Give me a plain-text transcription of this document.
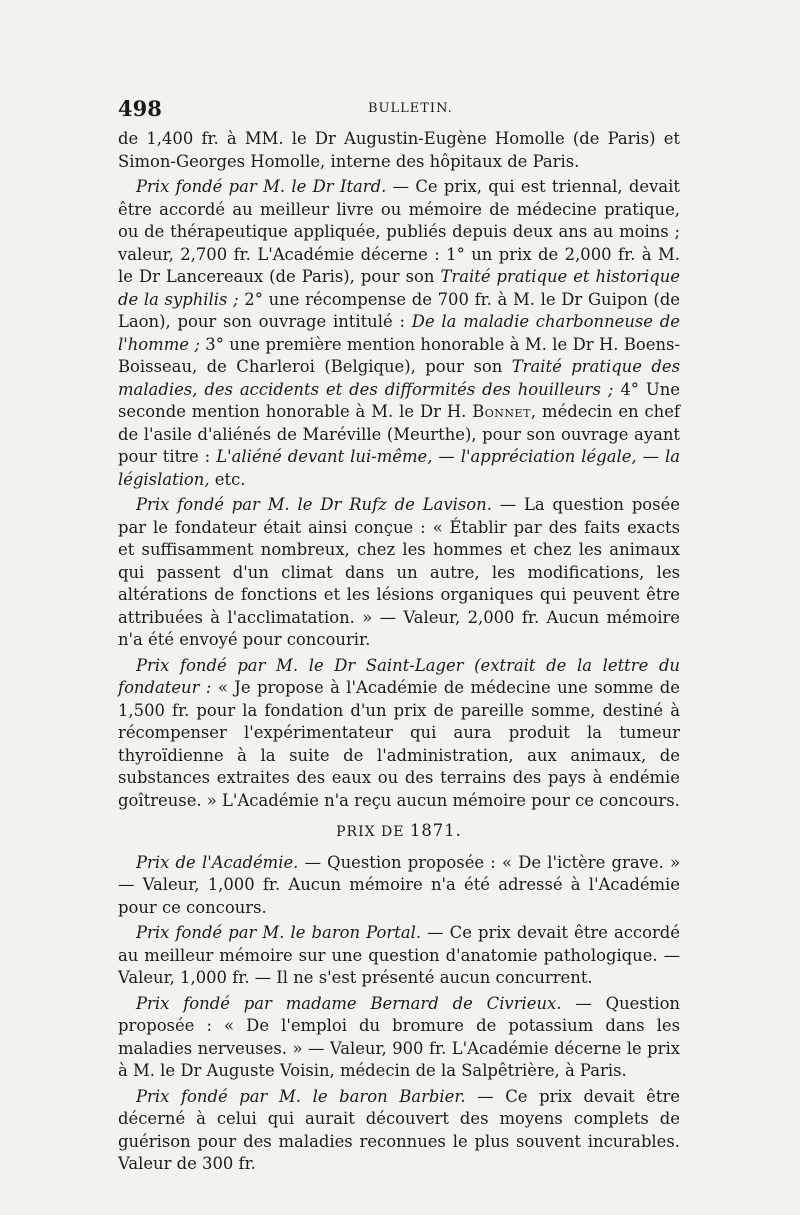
498	BULLETIN.

de 1,400 fr. à MM. le Dr Augustin-Eugène Homolle (de Paris) et Simon-Georges Homolle, interne des hôpitaux de Paris.

Prix fondé par M. le Dr Itard. — Ce prix, qui est triennal, devait être accordé au meilleur livre ou mémoire de médecine pratique, ou de thérapeutique appliquée, publiés depuis deux ans au moins ; valeur, 2,700 fr. L'Académie décerne : 1° un prix de 2,000 fr. à M. le Dr Lancereaux (de Paris), pour son Traité pratique et historique de la syphilis ; 2° une récompense de 700 fr. à M. le Dr Guipon (de Laon), pour son ouvrage intitulé : De la maladie charbonneuse de l'homme ; 3° une première mention honorable à M. le Dr H. Boens-Boisseau, de Charleroi (Belgique), pour son Traité pratique des maladies, des accidents et des difformités des houilleurs ; 4° Une seconde mention honorable à M. le Dr H. Bonnet, médecin en chef de l'asile d'aliénés de Maréville (Meurthe), pour son ouvrage ayant pour titre : L'aliéné devant lui-même, — l'appréciation légale, — la législation, etc.

Prix fondé par M. le Dr Rufz de Lavison. — La question posée par le fondateur était ainsi conçue : « Établir par des faits exacts et suffisamment nombreux, chez les hommes et chez les animaux qui passent d'un climat dans un autre, les modifications, les altérations de fonctions et les lésions organiques qui peuvent être attribuées à l'acclimatation. » — Valeur, 2,000 fr. Aucun mémoire n'a été envoyé pour concourir.

Prix fondé par M. le Dr Saint-Lager (extrait de la lettre du fondateur : « Je propose à l'Académie de médecine une somme de 1,500 fr. pour la fondation d'un prix de pareille somme, destiné à récompenser l'expérimentateur qui aura produit la tumeur thyroïdienne à la suite de l'administration, aux animaux, de substances extraites des eaux ou des terrains des pays à endémie goîtreuse. » L'Académie n'a reçu aucun mémoire pour ce concours.

PRIX DE 1871.

Prix de l'Académie. — Question proposée : « De l'ictère grave. » — Valeur, 1,000 fr. Aucun mémoire n'a été adressé à l'Académie pour ce concours.

Prix fondé par M. le baron Portal. — Ce prix devait être accordé au meilleur mémoire sur une question d'anatomie pathologique. — Valeur, 1,000 fr. — Il ne s'est présenté aucun concurrent.

Prix fondé par madame Bernard de Civrieux. — Question proposée : « De l'emploi du bromure de potassium dans les maladies nerveuses. » — Valeur, 900 fr. L'Académie décerne le prix à M. le Dr Auguste Voisin, médecin de la Salpêtrière, à Paris.

Prix fondé par M. le baron Barbier. — Ce prix devait être décerné à celui qui aurait découvert des moyens complets de guérison pour des maladies reconnues le plus souvent incurables. Valeur de 300 fr.
